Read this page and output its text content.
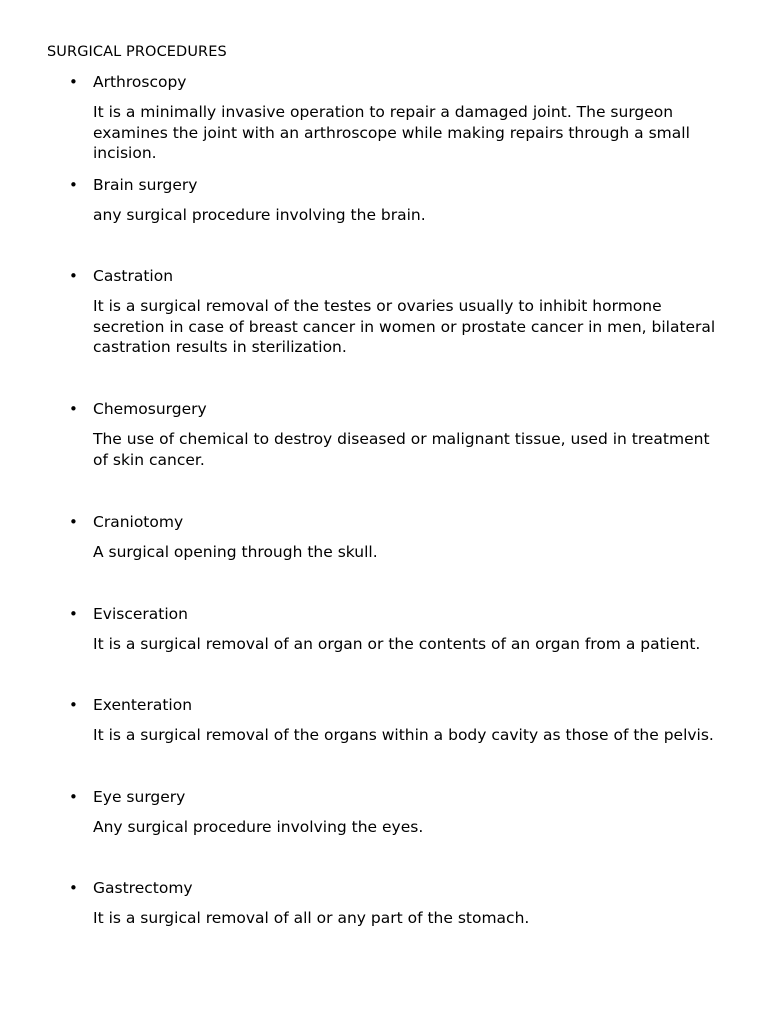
SURGICAL PROCEDURES
• Arthroscopy
It is a minimally invasive operation to repair a damaged joint. The surgeon examines the joint with an arthroscope while making repairs through a small incision.
• Brain surgery
any surgical procedure involving the brain.
• Castration
It is a surgical removal of the testes or ovaries usually to inhibit hormone secretion in case of breast cancer in women or prostate cancer in men, bilateral castration results in sterilization.
• Chemosurgery
The use of chemical to destroy diseased or malignant tissue, used in treatment of skin cancer.
• Craniotomy
A surgical opening through the skull.
• Evisceration
It is a surgical removal of an organ or the contents of an organ from a patient.
• Exenteration
It is a surgical removal of the organs within a body cavity as those of the pelvis.
• Eye surgery
Any surgical procedure involving the eyes.
• Gastrectomy
It is a surgical removal of all or any part of the stomach.
